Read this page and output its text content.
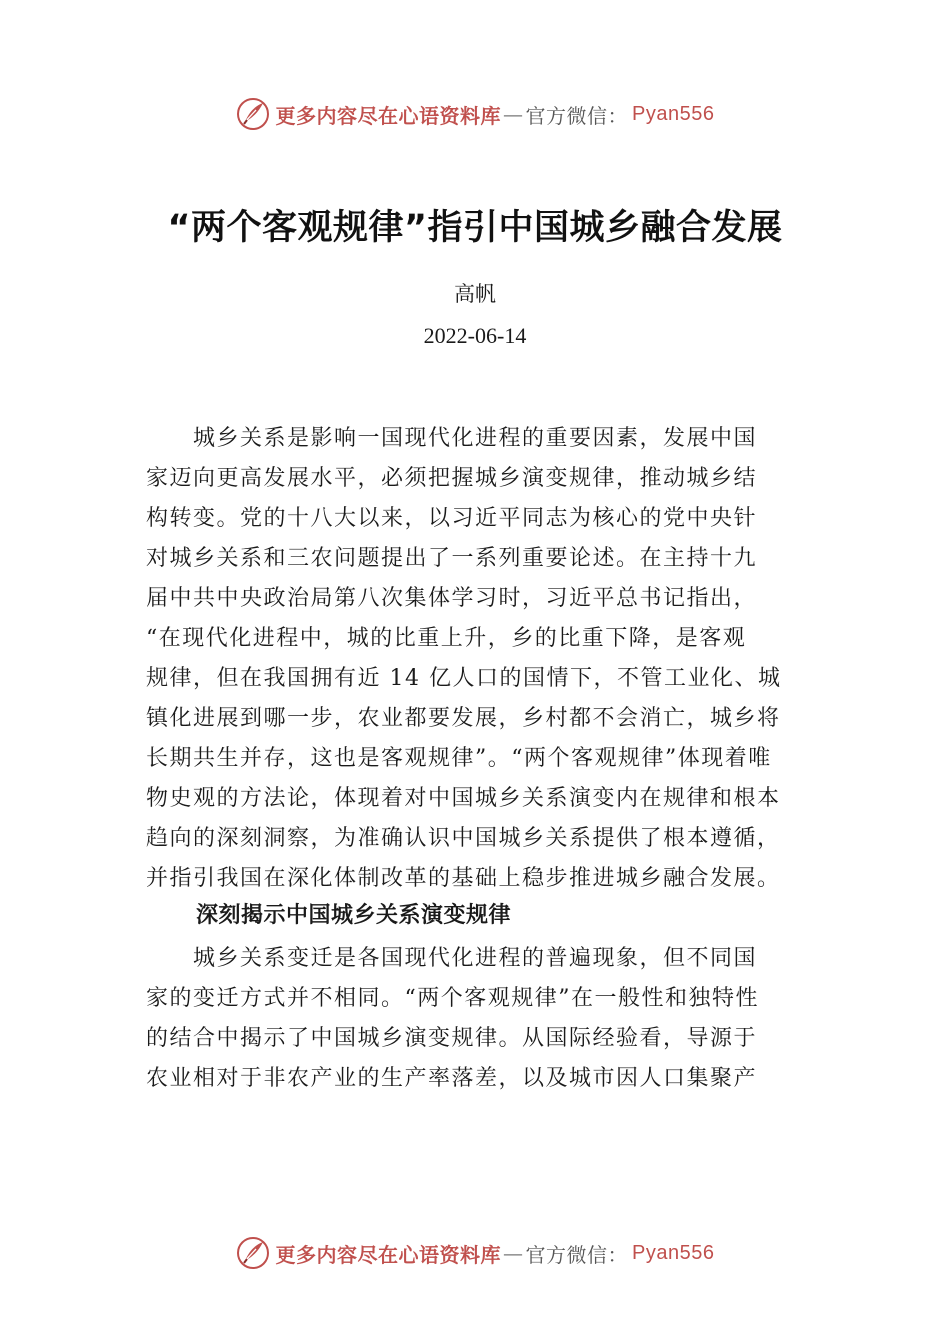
更多内容尽在心语资料库 — 官方微信： Pyan556
“两个客观规律”指引中国城乡融合发展
高帆
2022-06-14
　　城乡关系是影响一国现代化进程的重要因素，发展中国
家迈向更高发展水平，必须把握城乡演变规律，推动城乡结
构转变。党的十八大以来，以习近平同志为核心的党中央针
对城乡关系和三农问题提出了一系列重要论述。在主持十九
届中共中央政治局第八次集体学习时，习近平总书记指出，
“在现代化进程中，城的比重上升，乡的比重下降，是客观
规律，但在我国拥有近 14 亿人口的国情下，不管工业化、城
镇化进展到哪一步，农业都要发展，乡村都不会消亡，城乡将
长期共生并存，这也是客观规律”。“两个客观规律”体现着唯
物史观的方法论，体现着对中国城乡关系演变内在规律和根本
趋向的深刻洞察，为准确认识中国城乡关系提供了根本遵循，
并指引我国在深化体制改革的基础上稳步推进城乡融合发展。
深刻揭示中国城乡关系演变规律
　　城乡关系变迁是各国现代化进程的普遍现象，但不同国
家的变迁方式并不相同。“两个客观规律”在一般性和独特性
的结合中揭示了中国城乡演变规律。从国际经验看，导源于
农业相对于非农产业的生产率落差，以及城市因人口集聚产
更多内容尽在心语资料库 — 官方微信： Pyan556
